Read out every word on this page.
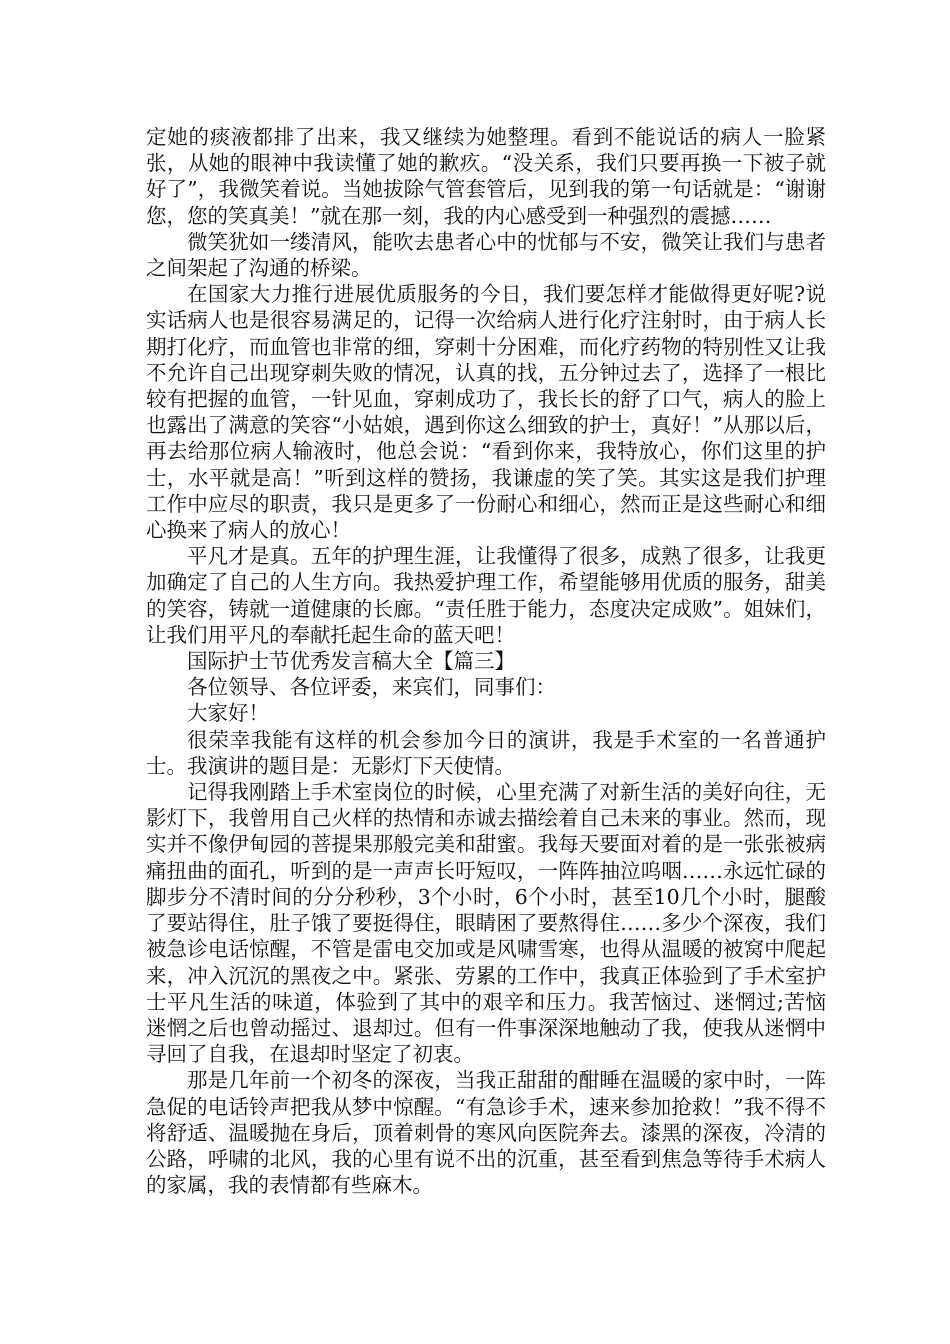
定她的痰液都排了出来，我又继续为她整理。看到不能说话的病人一脸紧张，从她的眼神中我读懂了她的歉疚。“没关系，我们只要再换一下被子就好了”，我微笑着说。当她拔除气管套管后，见到我的第一句话就是：“谢谢您，您的笑真美！”就在那一刻，我的内心感受到一种强烈的震撼……

微笑犹如一缕清风，能吹去患者心中的忧郁与不安，微笑让我们与患者之间架起了沟通的桥梁。

在国家大力推行进展优质服务的今日，我们要怎样才能做得更好呢?说实话病人也是很容易满足的，记得一次给病人进行化疗注射时，由于病人长期打化疗，而血管也非常的细，穿刺十分困难，而化疗药物的特别性又让我不允许自己出现穿刺失败的情况，认真的找，五分钟过去了，选择了一根比较有把握的血管，一针见血，穿刺成功了，我长长的舒了口气，病人的脸上也露出了满意的笑容“小姑娘，遇到你这么细致的护士，真好！”从那以后，再去给那位病人输液时，他总会说：“看到你来，我特放心，你们这里的护士，水平就是高！”听到这样的赞扬，我谦虚的笑了笑。其实这是我们护理工作中应尽的职责，我只是更多了一份耐心和细心，然而正是这些耐心和细心换来了病人的放心！

平凡才是真。五年的护理生涯，让我懂得了很多，成熟了很多，让我更加确定了自己的人生方向。我热爱护理工作，希望能够用优质的服务，甜美的笑容，铸就一道健康的长廊。“责任胜于能力，态度决定成败”。姐妹们，让我们用平凡的奉献托起生命的蓝天吧！

国际护士节优秀发言稿大全【篇三】

各位领导、各位评委，来宾们，同事们：

大家好！

很荣幸我能有这样的机会参加今日的演讲，我是手术室的一名普通护士。我演讲的题目是：无影灯下天使情。

记得我刚踏上手术室岗位的时候，心里充满了对新生活的美好向往，无影灯下，我曾用自己火样的热情和赤诚去描绘着自己未来的事业。然而，现实并不像伊甸园的菩提果那般完美和甜蜜。我每天要面对着的是一张张被病痛扭曲的面孔，听到的是一声声长吁短叹，一阵阵抽泣呜咽……永远忙碌的脚步分不清时间的分分秒秒，3个小时，6个小时，甚至10几个小时，腿酸了要站得住，肚子饿了要挺得住，眼睛困了要熬得住……多少个深夜，我们被急诊电话惊醒，不管是雷电交加或是风啸雪寒，也得从温暖的被窝中爬起来，冲入沉沉的黑夜之中。紧张、劳累的工作中，我真正体验到了手术室护士平凡生活的味道，体验到了其中的艰辛和压力。我苦恼过、迷惘过;苦恼迷惘之后也曾动摇过、退却过。但有一件事深深地触动了我，使我从迷惘中寻回了自我，在退却时坚定了初衷。

那是几年前一个初冬的深夜，当我正甜甜的酣睡在温暖的家中时，一阵急促的电话铃声把我从梦中惊醒。“有急诊手术，速来参加抢救！”我不得不将舒适、温暖抛在身后，顶着刺骨的寒风向医院奔去。漆黑的深夜，冷清的公路，呼啸的北风，我的心里有说不出的沉重，甚至看到焦急等待手术病人的家属，我的表情都有些麻木。
